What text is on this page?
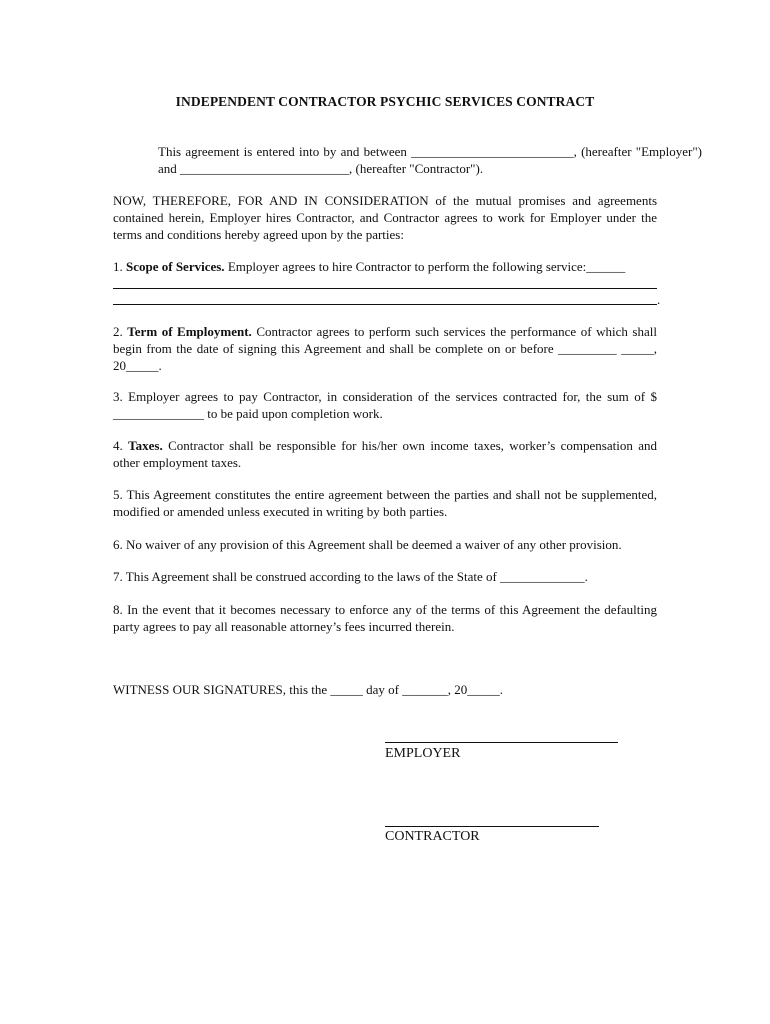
INDEPENDENT CONTRACTOR PSYCHIC SERVICES CONTRACT
This agreement is entered into by and between _________________________, (hereafter "Employer") and __________________________, (hereafter "Contractor").
NOW, THEREFORE, FOR AND IN CONSIDERATION of the mutual promises and agreements contained herein, Employer hires Contractor, and Contractor agrees to work for Employer under the terms and conditions hereby agreed upon by the parties:
1. Scope of Services. Employer agrees to hire Contractor to perform the following service:______
.
2. Term of Employment. Contractor agrees to perform such services the performance of which shall begin from the date of signing this Agreement and shall be complete on or before _________ _____, 20_____.
3. Employer agrees to pay Contractor, in consideration of the services contracted for, the sum of $ ______________ to be paid upon completion work.
4. Taxes. Contractor shall be responsible for his/her own income taxes, worker’s compensation and other employment taxes.
5. This Agreement constitutes the entire agreement between the parties and shall not be supplemented, modified or amended unless executed in writing by both parties.
6. No waiver of any provision of this Agreement shall be deemed a waiver of any other provision.
7. This Agreement shall be construed according to the laws of the State of _____________.
8. In the event that it becomes necessary to enforce any of the terms of this Agreement the defaulting party agrees to pay all reasonable attorney’s fees incurred therein.
WITNESS OUR SIGNATURES, this the _____ day of _______, 20_____.
EMPLOYER
CONTRACTOR
